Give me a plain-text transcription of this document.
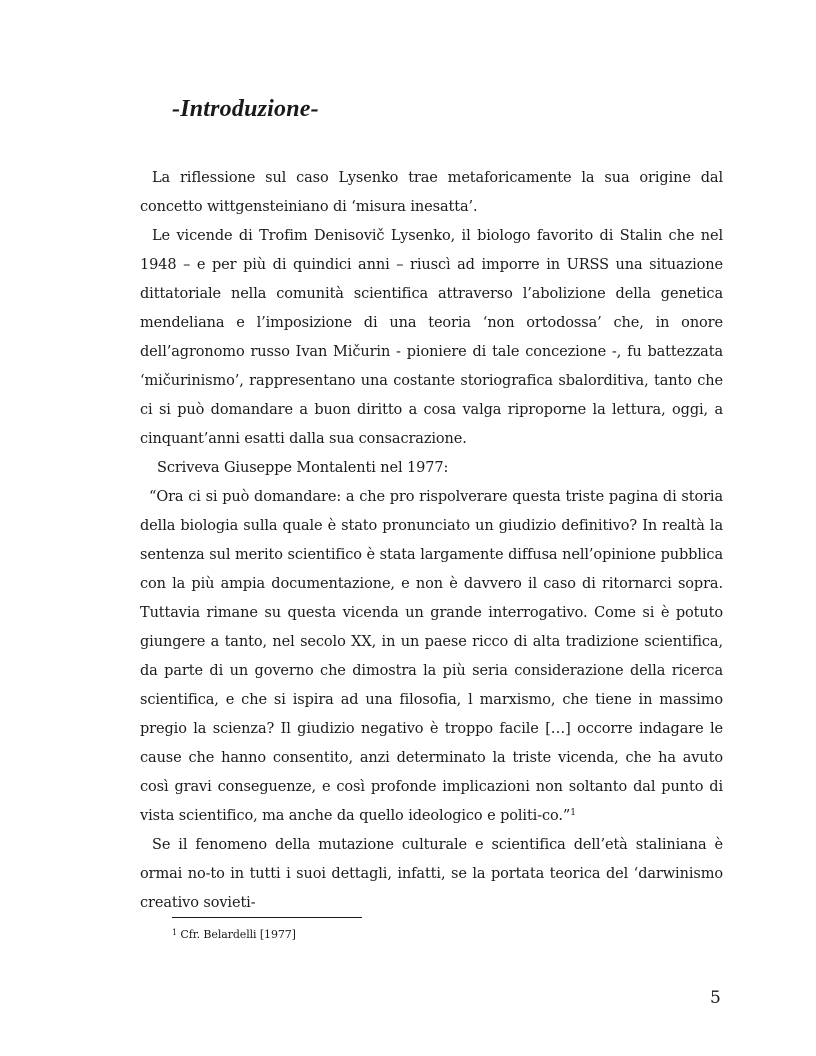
-Introduzione-

La riflessione sul caso Lysenko trae metaforicamente la sua origine dal concetto wittgensteiniano di ‘misura inesatta’.

Le vicende di Trofim Denisovič Lysenko, il biologo favorito di Stalin che nel 1948 – e per più di quindici anni – riuscì ad imporre in URSS una situazione dittatoriale nella comunità scientifica attraverso l’abolizione della genetica mendeliana e l’imposizione di una teoria ‘non ortodossa’ che, in onore dell’agronomo russo Ivan Mičurin - pioniere di tale concezione -, fu battezzata ‘mičurinismo’, rappresentano una costante storiografica sbalorditiva, tanto che ci si può domandare a buon diritto a cosa valga riproporne la lettura, oggi, a cinquant’anni esatti dalla sua consacrazione.

Scriveva Giuseppe Montalenti nel 1977:

“Ora ci si può domandare: a che pro rispolverare questa triste pagina di storia della biologia sulla quale è stato pronunciato un giudizio definitivo? In realtà la sentenza sul merito scientifico è stata largamente diffusa nell’opinione pubblica con la più ampia documentazione, e non è davvero il caso di ritornarci sopra. Tuttavia rimane su questa vicenda un grande interrogativo. Come si è potuto giungere a tanto, nel secolo XX, in un paese ricco di alta tradizione scientifica, da parte di un governo che dimostra la più seria considerazione della ricerca scientifica, e che si ispira ad una filosofia, l marxismo, che tiene in massimo pregio la scienza? Il giudizio negativo è troppo facile […] occorre indagare le cause che hanno consentito, anzi determinato la triste vicenda, che ha avuto così gravi conseguenze, e così profonde implicazioni non soltanto dal punto di vista scientifico, ma anche da quello ideologico e politi-co.”$^1$

Se il fenomeno della mutazione culturale e scientifica dell’età staliniana è ormai no-to in tutti i suoi dettagli, infatti, se la portata teorica del ‘darwinismo creativo sovieti-

$^1$ Cfr. Belardelli [1977]
5
